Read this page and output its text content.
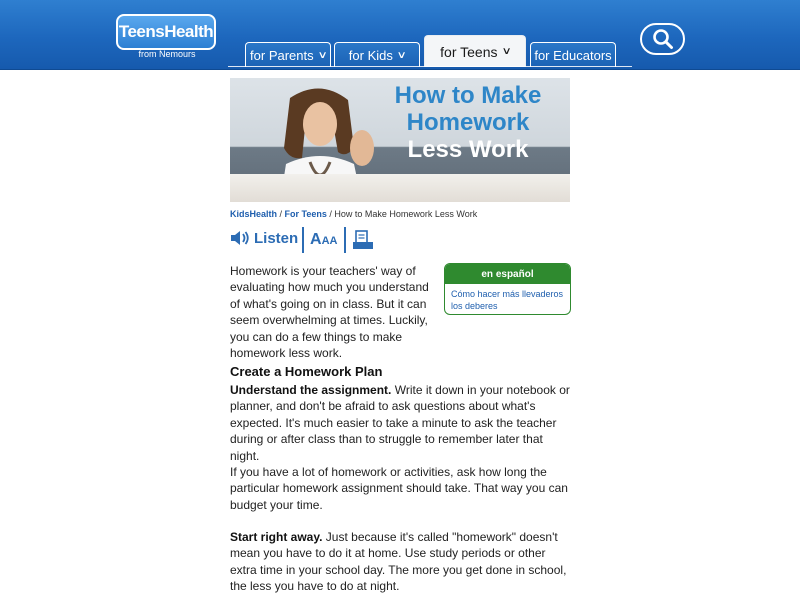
TeensHealth
from Nemours	for Parents ∨ for Kids ∨ for Teens ∨ for Educators
How to Make
Homework
Less Work
KidsHealth / For Teens / How to Make Homework Less Work
Listen AAA
en español
Cómo hacer más llevaderos los deberes
Homework is your teachers' way of evaluating how much you understand of what's going on in class. But it can seem overwhelming at times. Luckily, you can do a few things to make homework less work.
Create a Homework Plan
Understand the assignment. Write it down in your notebook or planner, and don't be afraid to ask questions about what's expected. It's much easier to take a minute to ask the teacher during or after class than to struggle to remember later that night.
If you have a lot of homework or activities, ask how long the particular homework assignment should take. That way you can budget your time.
Start right away. Just because it's called "homework" doesn't mean you have to do it at home. Use study periods or other extra time in your school day. The more you get done in school, the less you have to do at night.
